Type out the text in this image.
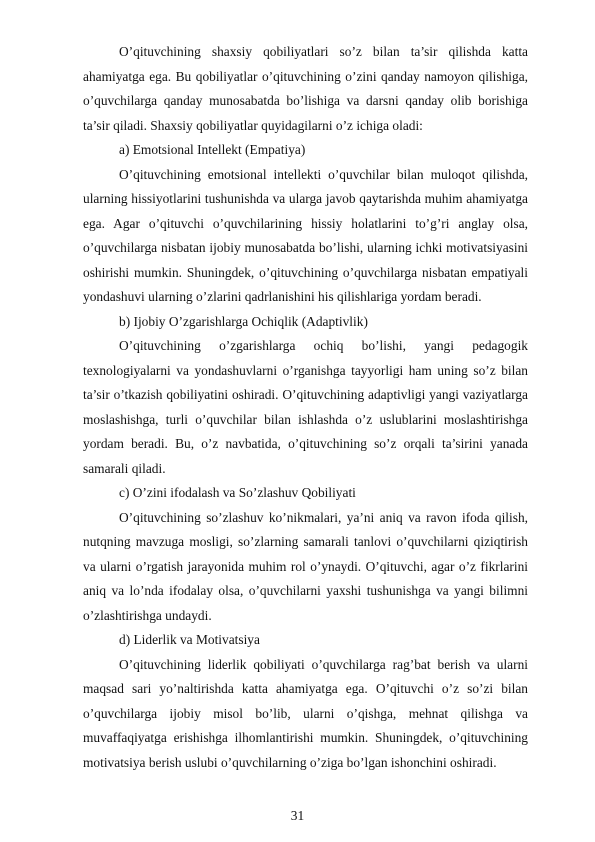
O’qituvchining shaxsiy qobiliyatlari so’z bilan ta’sir qilishda katta ahamiyatga ega. Bu qobiliyatlar o’qituvchining o’zini qanday namoyon qilishiga, o’quvchilarga qanday munosabatda bo’lishiga va darsni qanday olib borishiga ta’sir qiladi. Shaxsiy qobiliyatlar quyidagilarni o’z ichiga oladi:

a) Emotsional Intellekt (Empatiya)

O’qituvchining emotsional intellekti o’quvchilar bilan muloqot qilishda, ularning hissiyotlarini tushunishda va ularga javob qaytarishda muhim ahamiyatga ega. Agar o’qituvchi o’quvchilarining hissiy holatlarini to’g’ri anglay olsa, o’quvchilarga nisbatan ijobiy munosabatda bo’lishi, ularning ichki motivatsiyasini oshirishi mumkin. Shuningdek, o’qituvchining o’quvchilarga nisbatan empatiyali yondashuvi ularning o’zlarini qadrlanishini his qilishlariga yordam beradi.

b) Ijobiy O’zgarishlarga Ochiqlik (Adaptivlik)

O’qituvchining o’zgarishlarga ochiq bo’lishi, yangi pedagogik texnologiyalarni va yondashuvlarni o’rganishga tayyorligi ham uning so’z bilan ta’sir o’tkazish qobiliyatini oshiradi. O’qituvchining adaptivligi yangi vaziyatlarga moslashishga, turli o’quvchilar bilan ishlashda o’z uslublarini moslashtirishga yordam beradi. Bu, o’z navbatida, o’qituvchining so’z orqali ta’sirini yanada samarali qiladi.

c) O’zini ifodalash va So’zlashuv Qobiliyati

O’qituvchining so’zlashuv ko’nikmalari, ya’ni aniq va ravon ifoda qilish, nutqning mavzuga mosligi, so’zlarning samarali tanlovi o’quvchilarni qiziqtirish va ularni o’rgatish jarayonida muhim rol o’ynaydi. O’qituvchi, agar o’z fikrlarini aniq va lo’nda ifodalay olsa, o’quvchilarni yaxshi tushunishga va yangi bilimni o’zlashtirishga undaydi.

d) Liderlik va Motivatsiya

O’qituvchining liderlik qobiliyati o’quvchilarga rag’bat berish va ularni maqsad sari yo’naltirishda katta ahamiyatga ega. O’qituvchi o’z so’zi bilan o’quvchilarga ijobiy misol bo’lib, ularni o’qishga, mehnat qilishga va muvaffaqiyatga erishishga ilhomlantirishi mumkin. Shuningdek, o’qituvchining motivatsiya berish uslubi o’quvchilarning o’ziga bo’lgan ishonchini oshiradi.

31
